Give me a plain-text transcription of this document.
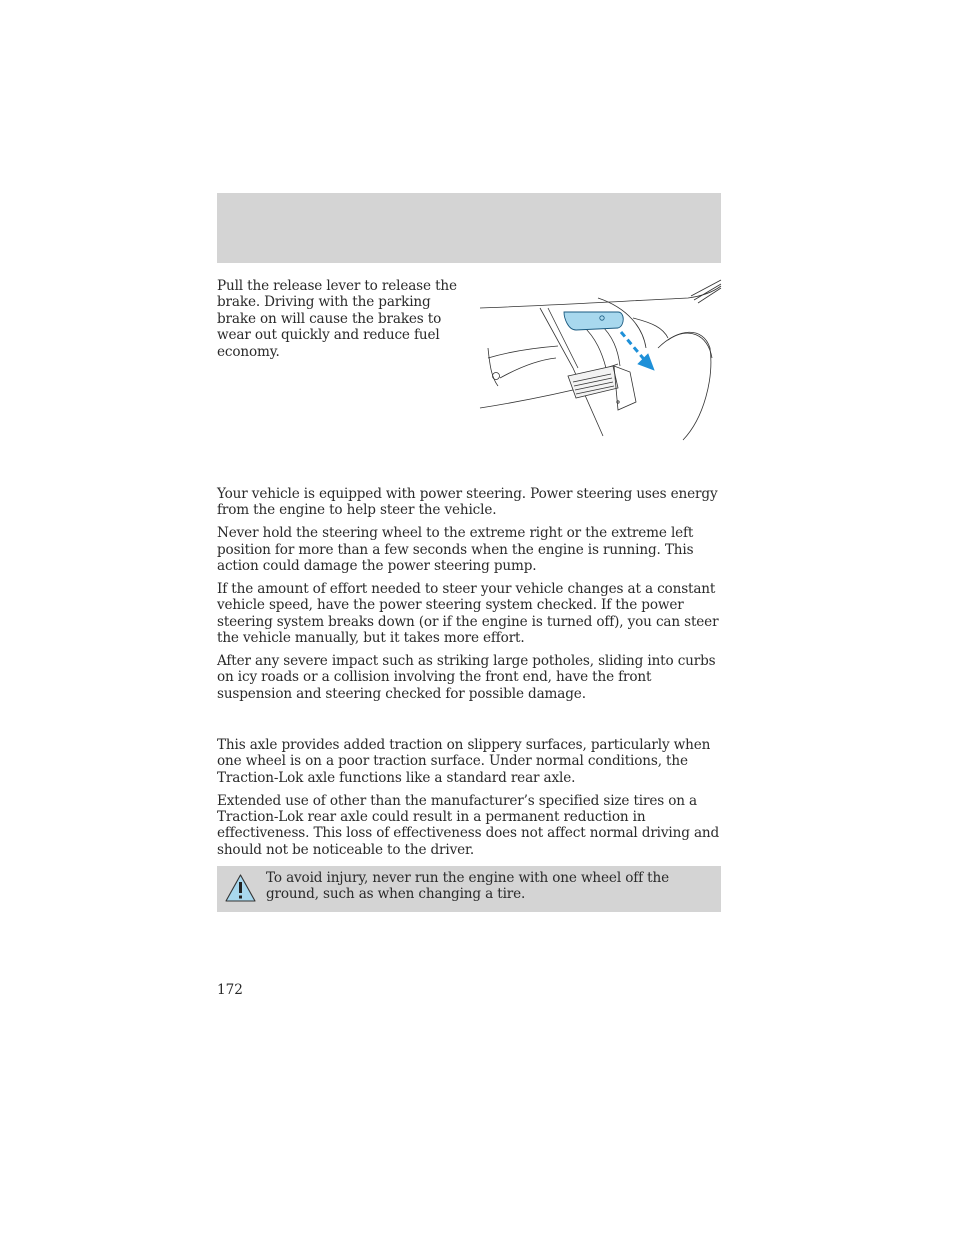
Pull the release lever to release the brake. Driving with the parking brake on will cause the brakes to wear out quickly and reduce fuel economy.

Your vehicle is equipped with power steering. Power steering uses energy from the engine to help steer the vehicle.

Never hold the steering wheel to the extreme right or the extreme left position for more than a few seconds when the engine is running. This action could damage the power steering pump.

If the amount of effort needed to steer your vehicle changes at a constant vehicle speed, have the power steering system checked. If the power steering system breaks down (or if the engine is turned off), you can steer the vehicle manually, but it takes more effort.

After any severe impact such as striking large potholes, sliding into curbs on icy roads or a collision involving the front end, have the front suspension and steering checked for possible damage.

This axle provides added traction on slippery surfaces, particularly when one wheel is on a poor traction surface. Under normal conditions, the Traction-Lok axle functions like a standard rear axle.

Extended use of other than the manufacturer’s specified size tires on a Traction-Lok rear axle could result in a permanent reduction in effectiveness. This loss of effectiveness does not affect normal driving and should not be noticeable to the driver.

To avoid injury, never run the engine with one wheel off the ground, such as when changing a tire.

172
